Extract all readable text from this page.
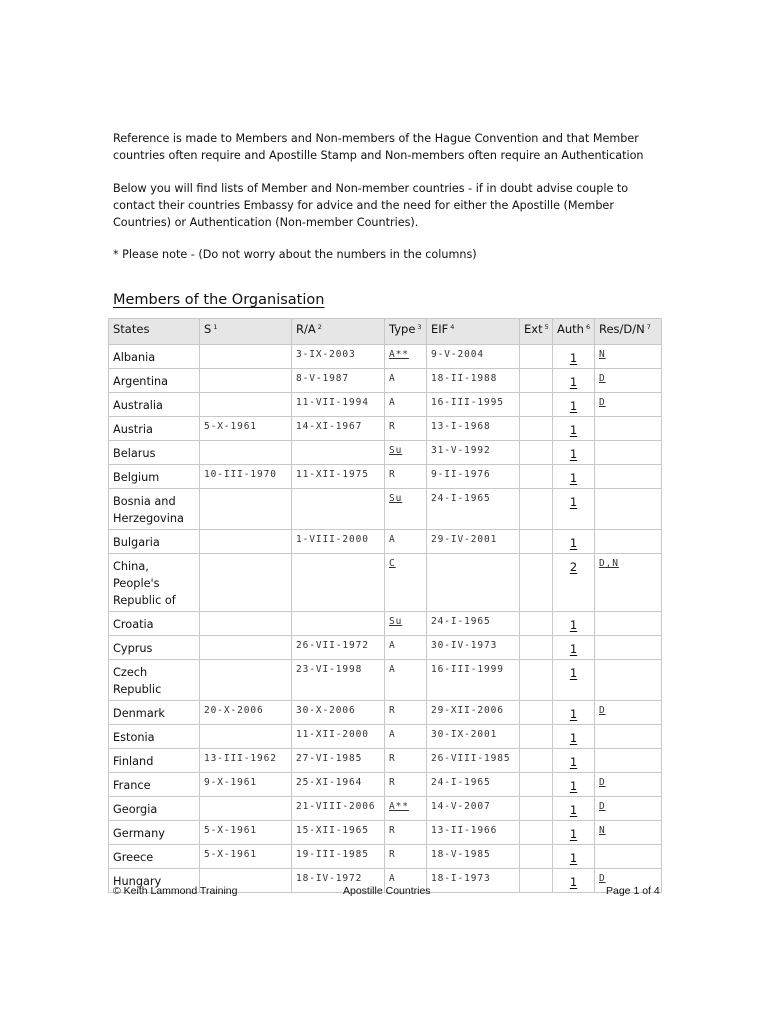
Reference is made to Members and Non-members of the Hague Convention and that Member countries often require and Apostille Stamp and Non-members often require an Authentication

Below you will find lists of Member and Non-member countries - if in doubt advise couple to contact their countries Embassy for advice and the need for either the Apostille (Member Countries) or Authentication (Non-member Countries).

* Please note - (Do not worry about the numbers in the columns)

Members of the Organisation
States	S $^1$	R/A $^2$	Type $^3$	EIF $^4$	Ext $^5$	Auth $^6$	Res/D/N $^7$
Albania		3-IX-2003	A**	9-V-2004		1	N
Argentina		8-V-1987	A	18-II-1988		1	D
Australia		11-VII-1994	A	16-III-1995		1	D
Austria	5-X-1961	14-XI-1967	R	13-I-1968		1	
Belarus			Su	31-V-1992		1	
Belgium	10-III-1970	11-XII-1975	R	9-II-1976		1	
Bosnia and Herzegovina			Su	24-I-1965		1	
Bulgaria		1-VIII-2000	A	29-IV-2001		1	
China, People's Republic of			C			2	D,N
Croatia			Su	24-I-1965		1	
Cyprus		26-VII-1972	A	30-IV-1973		1	
Czech Republic		23-VI-1998	A	16-III-1999		1	
Denmark	20-X-2006	30-X-2006	R	29-XII-2006		1	D
Estonia		11-XII-2000	A	30-IX-2001		1	
Finland	13-III-1962	27-VI-1985	R	26-VIII-1985		1	
France	9-X-1961	25-XI-1964	R	24-I-1965		1	D
Georgia		21-VIII-2006	A**	14-V-2007		1	D
Germany	5-X-1961	15-XII-1965	R	13-II-1966		1	N
Greece	5-X-1961	19-III-1985	R	18-V-1985		1	
Hungary		18-IV-1972	A	18-I-1973		1	D
© Keith Lammond Training	Apostille Countries	Page 1 of 4
